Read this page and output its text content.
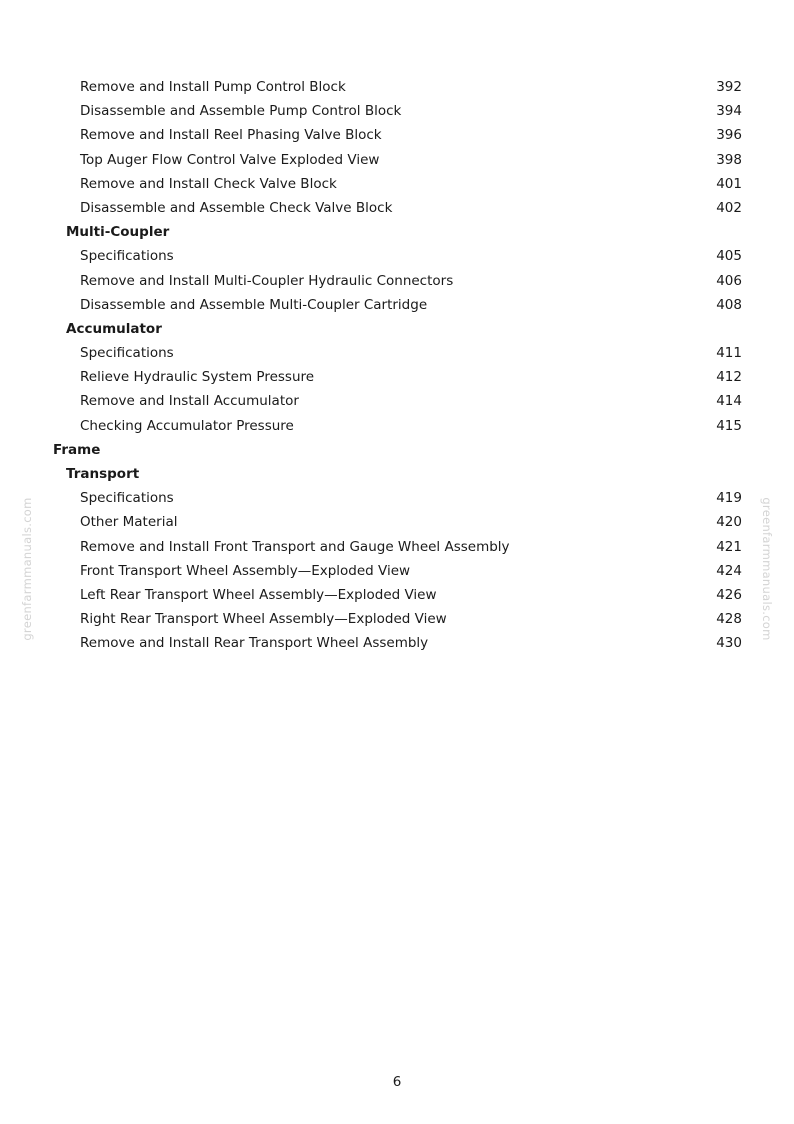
Remove and Install Pump Control Block	392
Disassemble and Assemble Pump Control Block	394
Remove and Install Reel Phasing Valve Block	396
Top Auger Flow Control Valve Exploded View	398
Remove and Install Check Valve Block	401
Disassemble and Assemble Check Valve Block	402
Multi-Coupler
Specifications	405
Remove and Install Multi-Coupler Hydraulic Connectors	406
Disassemble and Assemble Multi-Coupler Cartridge	408
Accumulator
Specifications	411
Relieve Hydraulic System Pressure	412
Remove and Install Accumulator	414
Checking Accumulator Pressure	415
Frame
Transport
Specifications	419
Other Material	420
Remove and Install Front Transport and Gauge Wheel Assembly	421
Front Transport Wheel Assembly—Exploded View	424
Left Rear Transport Wheel Assembly—Exploded View	426
Right Rear Transport Wheel Assembly—Exploded View	428
Remove and Install Rear Transport Wheel Assembly	430
greenfarmmanuals.com	greenfarmmanuals.com
6
